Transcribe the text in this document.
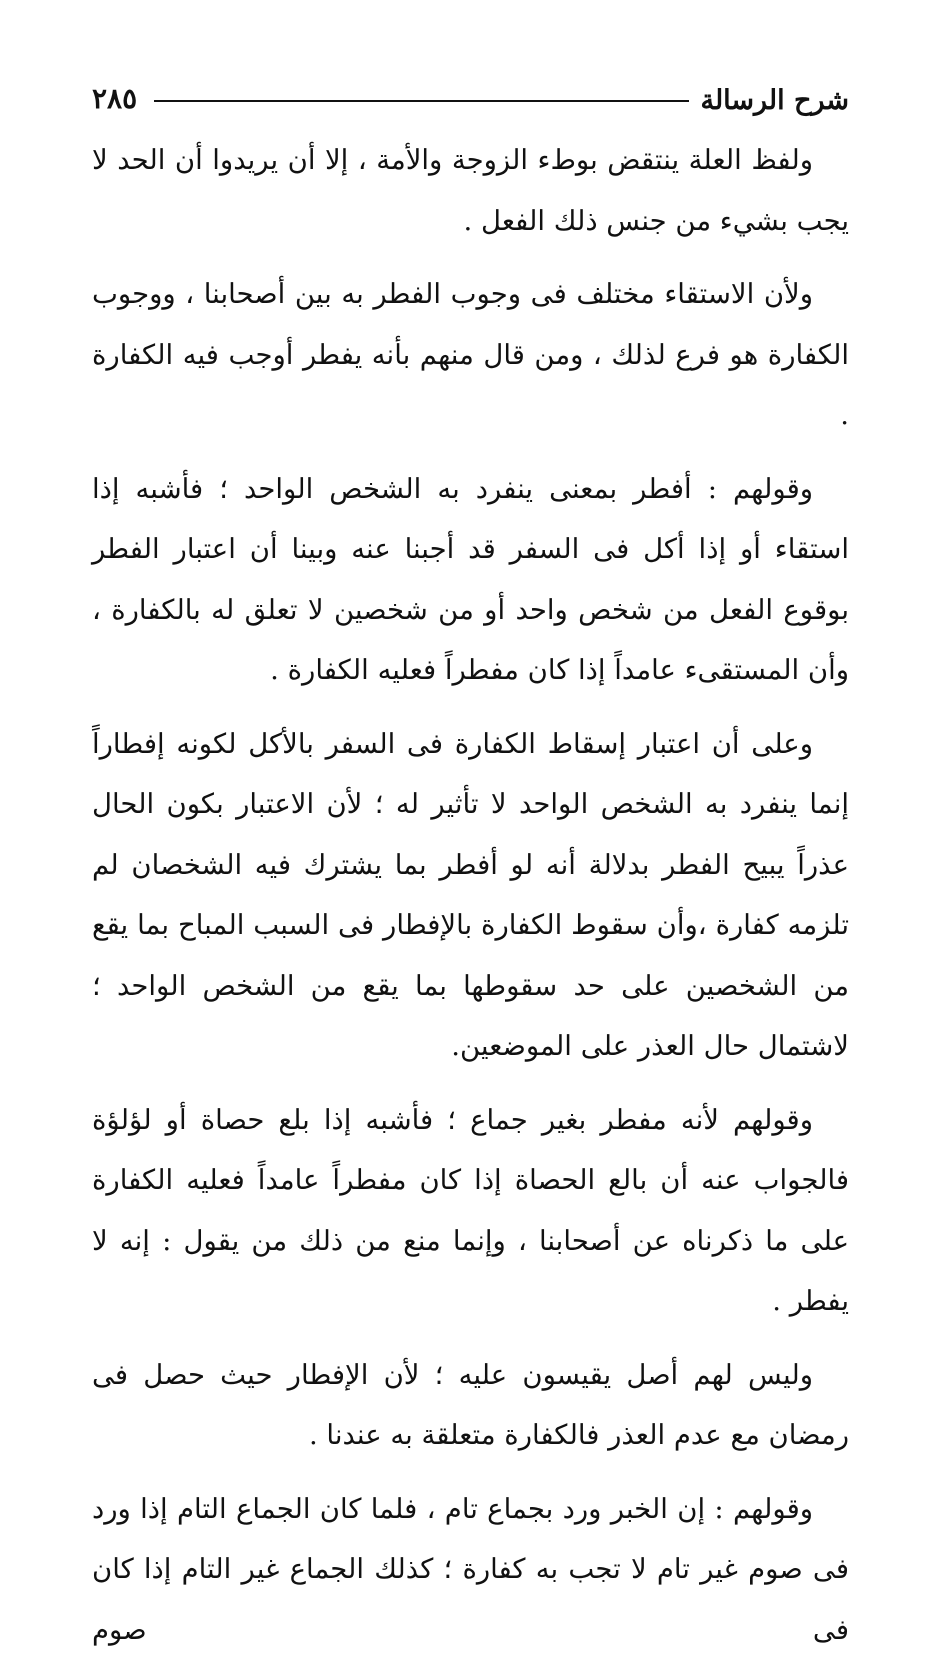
شرح الرسالة
٢٨٥

ولفظ العلة ينتقض بوطء الزوجة والأمة ، إلا أن يريدوا أن الحد لا يجب بشيء من جنس ذلك الفعل .

ولأن الاستقاء مختلف فى وجوب الفطر به بين أصحابنا ، ووجوب الكفارة هو فرع لذلك ، ومن قال منهم بأنه يفطر أوجب فيه الكفارة .

وقولهم : أفطر بمعنى ينفرد به الشخص الواحد ؛ فأشبه إذا استقاء أو إذا أكل فى السفر قد أجبنا عنه وبينا أن اعتبار الفطر بوقوع الفعل من شخص واحد أو من شخصين لا تعلق له بالكفارة ، وأن المستقىء عامداً إذا كان مفطراً فعليه الكفارة .

وعلى أن اعتبار إسقاط الكفارة فى السفر بالأكل لكونه إفطاراً إنما ينفرد به الشخص الواحد لا تأثير له ؛ لأن الاعتبار بكون الحال عذراً يبيح الفطر بدلالة أنه لو أفطر بما يشترك فيه الشخصان لم تلزمه كفارة ،وأن سقوط الكفارة بالإفطار فى السبب المباح بما يقع من الشخصين على حد سقوطها بما يقع من الشخص الواحد ؛ لاشتمال حال العذر على الموضعين.

وقولهم لأنه مفطر بغير جماع ؛ فأشبه إذا بلع حصاة أو لؤلؤة فالجواب عنه أن بالع الحصاة إذا كان مفطراً عامداً فعليه الكفارة على ما ذكرناه عن أصحابنا ، وإنما منع من ذلك من يقول : إنه لا يفطر .

وليس لهم أصل يقيسون عليه ؛ لأن الإفطار حيث حصل فى رمضان مع عدم العذر فالكفارة متعلقة به عندنا .

وقولهم : إن الخبر ورد بجماع تام ، فلما كان الجماع التام إذا ورد فى صوم غير تام لا تجب به كفارة ؛ كذلك الجماع غير التام إذا كان فى صوم
